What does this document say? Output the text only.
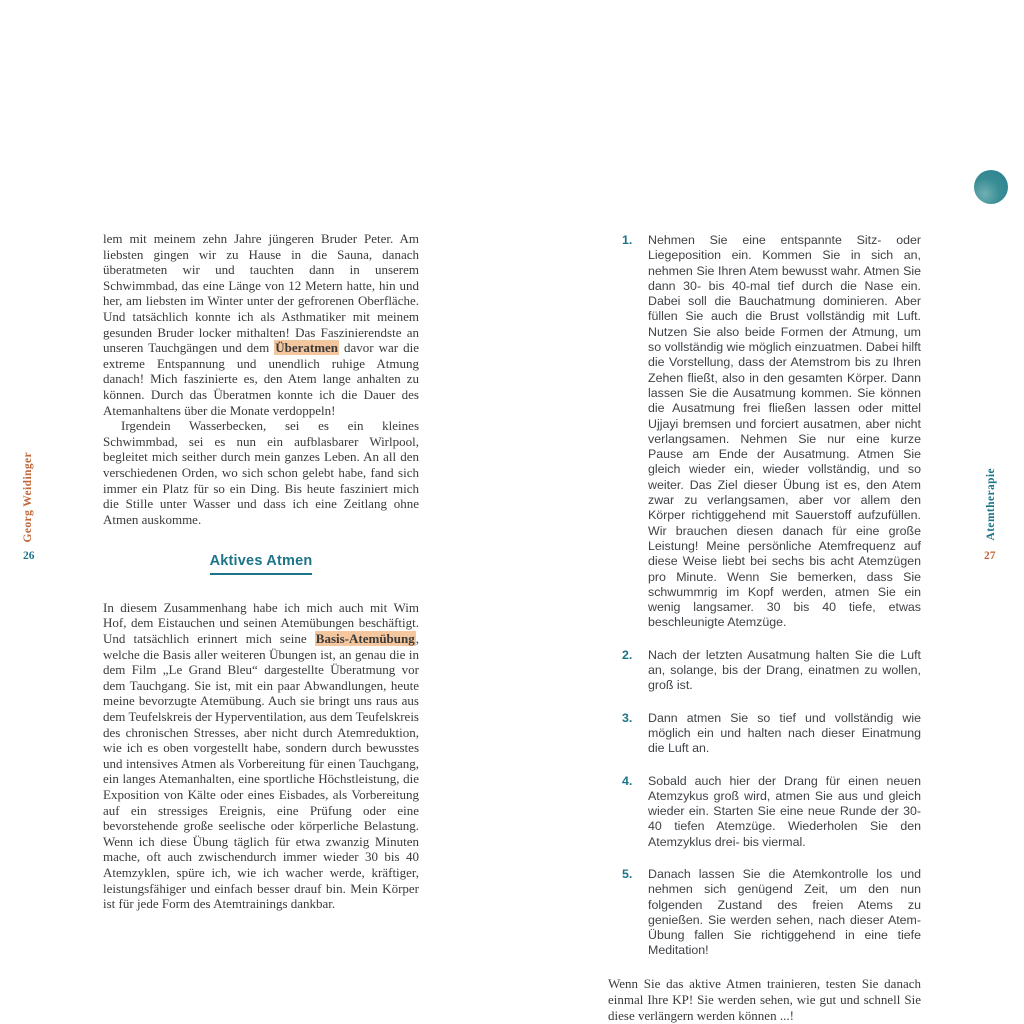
Georg Weidinger
26

lem mit meinem zehn Jahre jüngeren Bruder Peter. Am liebsten gingen wir zu Hause in die Sauna, danach überatmeten wir und tauchten dann in unserem Schwimmbad, das eine Länge von 12 Metern hatte, hin und her, am liebsten im Winter unter der gefrorenen Oberfläche. Und tatsächlich konnte ich als Asthmatiker mit meinem gesunden Bruder locker mithalten! Das Faszinierendste an unseren Tauchgängen und dem Überatmen davor war die extreme Entspannung und unendlich ruhige Atmung danach! Mich faszinierte es, den Atem lange anhalten zu können. Durch das Überatmen konnte ich die Dauer des Atemanhaltens über die Monate verdoppeln!

Irgendein Wasserbecken, sei es ein kleines Schwimmbad, sei es nun ein aufblasbarer Wirlpool, begleitet mich seither durch mein ganzes Leben. An all den verschiedenen Orden, wo sich schon gelebt habe, fand sich immer ein Platz für so ein Ding. Bis heute fasziniert mich die Stille unter Wasser und dass ich eine Zeitlang ohne Atmen auskomme.

Aktives Atmen

In diesem Zusammenhang habe ich mich auch mit Wim Hof, dem Eistauchen und seinen Atemübungen beschäftigt. Und tatsächlich erinnert mich seine Basis-Atemübung, welche die Basis aller weiteren Übungen ist, an genau die in dem Film „Le Grand Bleu“ dargestellte Überatmung vor dem Tauchgang. Sie ist, mit ein paar Abwandlungen, heute meine bevorzugte Atemübung. Auch sie bringt uns raus aus dem Teufelskreis der Hyperventilation, aus dem Teufelskreis des chronischen Stresses, aber nicht durch Atemreduktion, wie ich es oben vorgestellt habe, sondern durch bewusstes und intensives Atmen als Vorbereitung für einen Tauchgang, ein langes Atemanhalten, eine sportliche Höchstleistung, die Exposition von Kälte oder eines Eisbades, als Vorbereitung auf ein stressiges Ereignis, eine Prüfung oder eine bevorstehende große seelische oder körperliche Belastung. Wenn ich diese Übung täglich für etwa zwanzig Minuten mache, oft auch zwischendurch immer wieder 30 bis 40 Atemzyklen, spüre ich, wie ich wacher werde, kräftiger, leistungsfähiger und einfach besser drauf bin. Mein Körper ist für jede Form des Atemtrainings dankbar.

1.	Nehmen Sie eine entspannte Sitz- oder Liegeposition ein. Kommen Sie in sich an, nehmen Sie Ihren Atem bewusst wahr. Atmen Sie dann 30- bis 40-mal tief durch die Nase ein. Dabei soll die Bauchatmung dominieren. Aber füllen Sie auch die Brust vollständig mit Luft. Nutzen Sie also beide Formen der Atmung, um so vollständig wie möglich einzuatmen. Dabei hilft die Vorstellung, dass der Atemstrom bis zu Ihren Zehen fließt, also in den gesamten Körper. Dann lassen Sie die Ausatmung kommen. Sie können die Ausatmung frei fließen lassen oder mittel Ujjayi bremsen und forciert ausatmen, aber nicht verlangsamen. Nehmen Sie nur eine kurze Pause am Ende der Ausatmung. Atmen Sie gleich wieder ein, wieder vollständig, und so weiter. Das Ziel dieser Übung ist es, den Atem zwar zu verlangsamen, aber vor allem den Körper richtiggehend mit Sauerstoff aufzufüllen. Wir brauchen diesen danach für eine große Leistung! Meine persönliche Atemfrequenz auf diese Weise liebt bei sechs bis acht Atemzügen pro Minute. Wenn Sie bemerken, dass Sie schwummrig im Kopf werden, atmen Sie ein wenig langsamer. 30 bis 40 tiefe, etwas beschleunigte Atemzüge.

2.	Nach der letzten Ausatmung halten Sie die Luft an, solange, bis der Drang, einatmen zu wollen, groß ist.

3.	Dann atmen Sie so tief und vollständig wie möglich ein und halten nach dieser Einatmung die Luft an.

4.	Sobald auch hier der Drang für einen neuen Atemzykus groß wird, atmen Sie aus und gleich wieder ein. Starten Sie eine neue Runde der 30-40 tiefen Atemzüge. Wiederholen Sie den Atemzyklus drei- bis viermal.

5.	Danach lassen Sie die Atemkontrolle los und nehmen sich genügend Zeit, um den nun folgenden Zustand des freien Atems zu genießen. Sie werden sehen, nach dieser Atem-Übung fallen Sie richtiggehend in eine tiefe Meditation!

Wenn Sie das aktive Atmen trainieren, testen Sie danach einmal Ihre KP! Sie werden sehen, wie gut und schnell Sie diese verlängern werden können ...!

Atemtherapie
27
